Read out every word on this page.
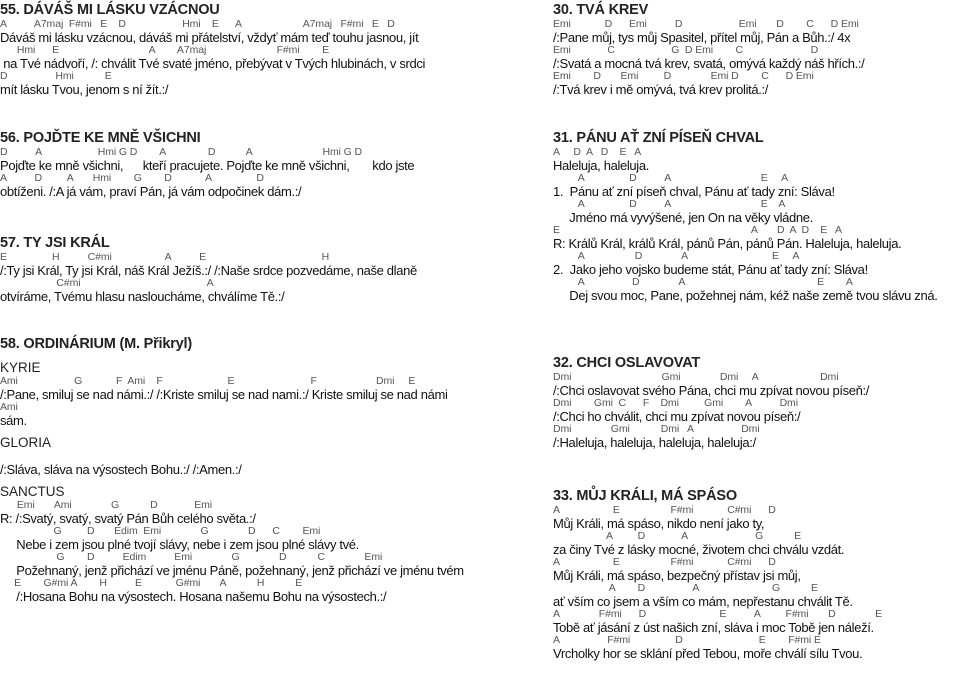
55. DÁVÁŠ MI LÁSKU VZÁCNOU
A          A7maj  F#mi   E    D                    Hmi    E      A                      A7maj   F#mi   E   D
Dáváš mi lásku vzácnou, dáváš mi přátelství, vždyť mám teď touhu jasnou, jít
Hmi      E                                A        A7maj                         F#mi        E
na Tvé nádvoří, /: chválit Tvé svaté jméno, přebývat v Tvých hlubinách, v srdci
D                 Hmi           E
mít lásku Tvou, jenom s ní žít.:/
56. POJĎTE KE MNĚ VŠICHNI
D          A                    Hmi G D        A               D           A                         Hmi G D
Pojďte ke mně všichni,      kteří pracujete. Pojďte ke mně všichni,       kdo jste
A          D         A       Hmi        G        D            A                D
obtíženi. /:A já vám, praví Pán, já vám odpočinek dám.:/
57. TY JSI KRÁL
E                H          C#mi                   A          E                                         H
/:Ty jsi Král, Ty jsi Král, náš Král Ježíš.:/ /:Naše srdce pozvedáme, naše dlaně
C#mi                                             A
otvíráme, Tvému hlasu nasloucháme, chválíme Tě.:/
58. ORDINÁRIUM (M. Přikryl)
KYRIE
Ami                    G            F  Ami    F                       E                           F                     Dmi     E
/:Pane, smiluj se nad námi.:/ /:Kriste smiluj se nad nami.:/ Kriste smiluj se nad námi
Ami
sám.
GLORIA
/:Sláva, sláva na výsostech Bohu.:/ /:Amen.:/
SANCTUS
Emi       Ami              G           D             Emi
R: /:Svatý, svatý, svatý Pán Bůh celého světa.:/
G         D       Edim  Emi              G              D      C        Emi
Nebe i zem jsou plné tvojí slávy, nebe i zem jsou plné slávy tvé.
G        D          Edim          Emi              G              D           C              Emi
Požehnaný, jenž přichází ve jménu Páně, požehnaný, jenž přichází ve jménu tvém
E        G#mi A        H          E            G#mi       A           H           E
/:Hosana Bohu na výsostech. Hosana našemu Bohu na výsostech.:/
30. TVÁ KREV
Emi            D      Emi          D                    Emi       D        C      D Emi
/:Pane můj, tys můj Spasitel, přítel můj, Pán a Bůh.:/ 4x
Emi             C                    G  D Emi        C                        D
/:Svatá a mocná tvá krev, svatá, omývá každý náš hřích.:/
Emi        D       Emi         D              Emi D        C      D Emi
/:Tvá krev i mě omývá, tvá krev prolitá.:/
31. PÁNU AŤ ZNÍ PÍSEŇ CHVAL
A     D  A   D    E   A
Haleluja, haleluja.
A                D          A                                E     A
1.  Pánu ať zní píseň chval, Pánu ať tady zní: Sláva!
A                D          A                                E    A
Jméno má vyvýšené, jen On na věky vládne.
E                                                                    A       D  A  D    E   A
R: Králů Král, králů Král, pánů Pán, pánů Pán. Haleluja, haleluja.
A                  D              A                              E     A
2.  Jako jeho vojsko budeme stát, Pánu ať tady zní: Sláva!
A                 D              A                                               E        A
Dej svou moc, Pane, požehnej nám, kéž naše země tvou slávu zná.
32. CHCI OSLAVOVAT
Dmi                                Gmi              Dmi     A                      Dmi
/:Chci oslavovat svého Pána, chci mu zpívat novou píseň:/
Dmi        Gmi  C      F    Dmi         Gmi        A          Dmi
/:Chci ho chválit, chci mu zpívat novou píseň:/
Dmi              Gmi           Dmi   A                 Dmi
/:Haleluja, haleluja, haleluja, haleluja:/
33. MŮJ KRÁLI, MÁ SPÁSO
A                   E                  F#mi            C#mi      D
Můj Králi, má spáso, nikdo není jako ty,
A         D             A                        G           E
za činy Tvé z lásky mocné, životem chci chválu vzdát.
A                   E                  F#mi            C#mi      D
Můj Králi, má spáso, bezpečný přístav jsi můj,
A        D                 A                          G           E
ať vším co jsem a vším co mám, nepřestanu chválit Tě.
A              F#mi      D                          E          A         F#mi       D              E
Tobě ať jásání z úst našich zní, sláva i moc Tobě jen náleží.
A                 F#mi                D                           E        F#mi E
Vrcholky hor se sklání před Tebou, moře chválí sílu Tvou.
